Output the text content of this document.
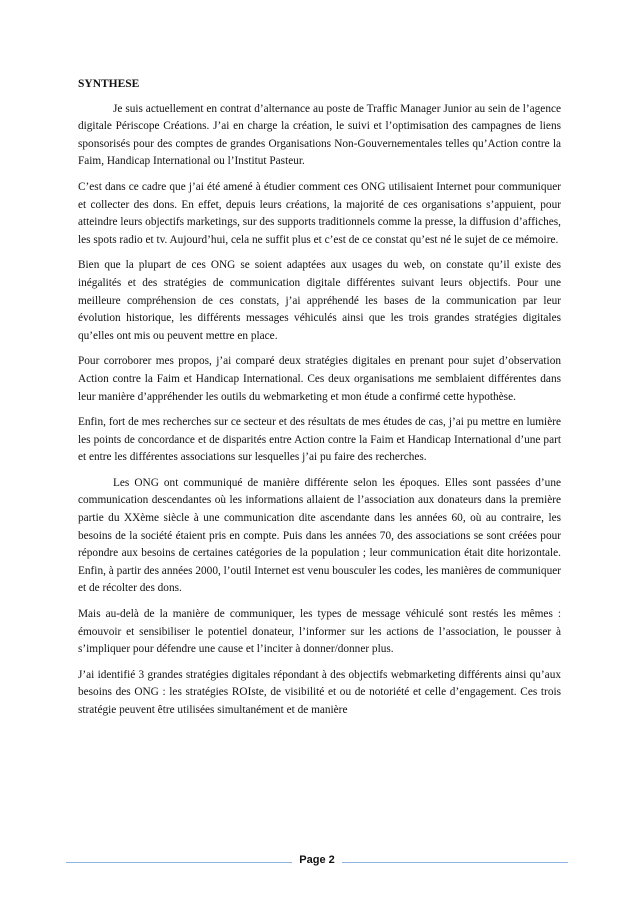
SYNTHESE

Je suis actuellement en contrat d’alternance au poste de Traffic Manager Junior au sein de l’agence digitale Périscope Créations. J’ai en charge la création, le suivi et l’optimisation des campagnes de liens sponsorisés pour des comptes de grandes Organisations Non-Gouvernementales telles qu’Action contre la Faim, Handicap International ou l’Institut Pasteur.

C’est dans ce cadre que j’ai été amené à étudier comment ces ONG utilisaient Internet pour communiquer et collecter des dons. En effet, depuis leurs créations, la majorité de ces organisations s’appuient, pour atteindre leurs objectifs marketings, sur des supports traditionnels comme la presse, la diffusion d’affiches, les spots radio et tv. Aujourd’hui, cela ne suffit plus et c’est de ce constat qu’est né le sujet de ce mémoire.

Bien que la plupart de ces ONG se soient adaptées aux usages du web, on constate qu’il existe des inégalités et des stratégies de communication digitale différentes suivant leurs objectifs. Pour une meilleure compréhension de ces constats, j’ai appréhendé les bases de la communication par leur évolution historique, les différents messages véhiculés ainsi que les trois grandes stratégies digitales qu’elles ont mis ou peuvent mettre en place.

Pour corroborer mes propos, j’ai comparé deux stratégies digitales en prenant pour sujet d’observation Action contre la Faim et Handicap International. Ces deux organisations me semblaient différentes dans leur manière d’appréhender les outils du webmarketing et mon étude a confirmé cette hypothèse.

Enfin, fort de mes recherches sur ce secteur et des résultats de mes études de cas, j’ai pu mettre en lumière les points de concordance et de disparités entre Action contre la Faim et Handicap International d’une part et entre les différentes associations sur lesquelles j’ai pu faire des recherches.

Les ONG ont communiqué de manière différente selon les époques. Elles sont passées d’une communication descendantes où les informations allaient de l’association aux donateurs dans la première partie du XXème siècle à une communication dite ascendante dans les années 60, où au contraire, les besoins de la société étaient pris en compte. Puis dans les années 70, des associations se sont créées pour répondre aux besoins de certaines catégories de la population ; leur communication était dite horizontale. Enfin, à partir des années 2000, l’outil Internet est venu bousculer les codes, les manières de communiquer et de récolter des dons.

Mais au-delà de la manière de communiquer, les types de message véhiculé sont restés les mêmes : émouvoir et sensibiliser le potentiel donateur, l’informer sur les actions de l’association, le pousser à s’impliquer pour défendre une cause et l’inciter à donner/donner plus.

J’ai identifié 3 grandes stratégies digitales répondant à des objectifs webmarketing différents ainsi qu’aux besoins des ONG : les stratégies ROIste, de visibilité et ou de notoriété et celle d’engagement. Ces trois stratégie peuvent être utilisées simultanément et de manière

Page 2
